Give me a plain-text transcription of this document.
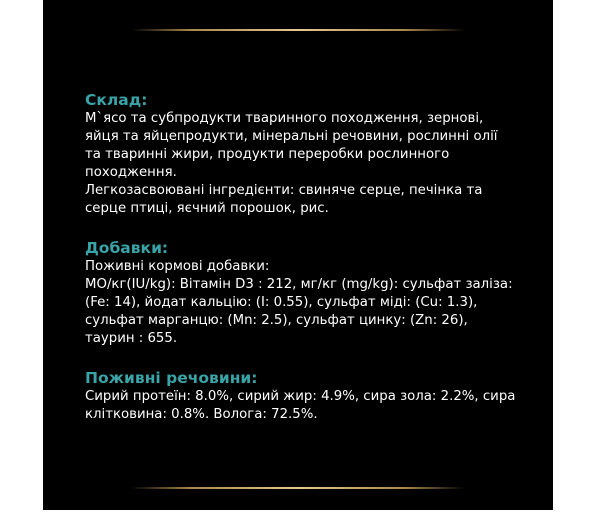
Склад:

М`ясо та субпродукти тваринного походження, зернові,
яйця та яйцепродукти, мінеральні речовини, рослинні олії
та тваринні жири, продукти переробки рослинного
походження.
Легкозасвоювані інгредієнти: свиняче серце, печінка та
серце птиці, яєчний порошок, рис.

Добавки:

Поживні кормові добавки:
МО/кг(IU/kg): Вітамін D3 : 212, мг/кг (mg/kg): сульфат заліза:
(Fe: 14), йодат кальцію: (I: 0.55), сульфат міді: (Cu: 1.3),
сульфат марганцю: (Mn: 2.5), сульфат цинку: (Zn: 26),
таурин : 655.

Поживні речовини:

Сирий протеїн: 8.0%, сирий жир: 4.9%, сира зола: 2.2%, сира
клітковина: 0.8%. Волога: 72.5%.
